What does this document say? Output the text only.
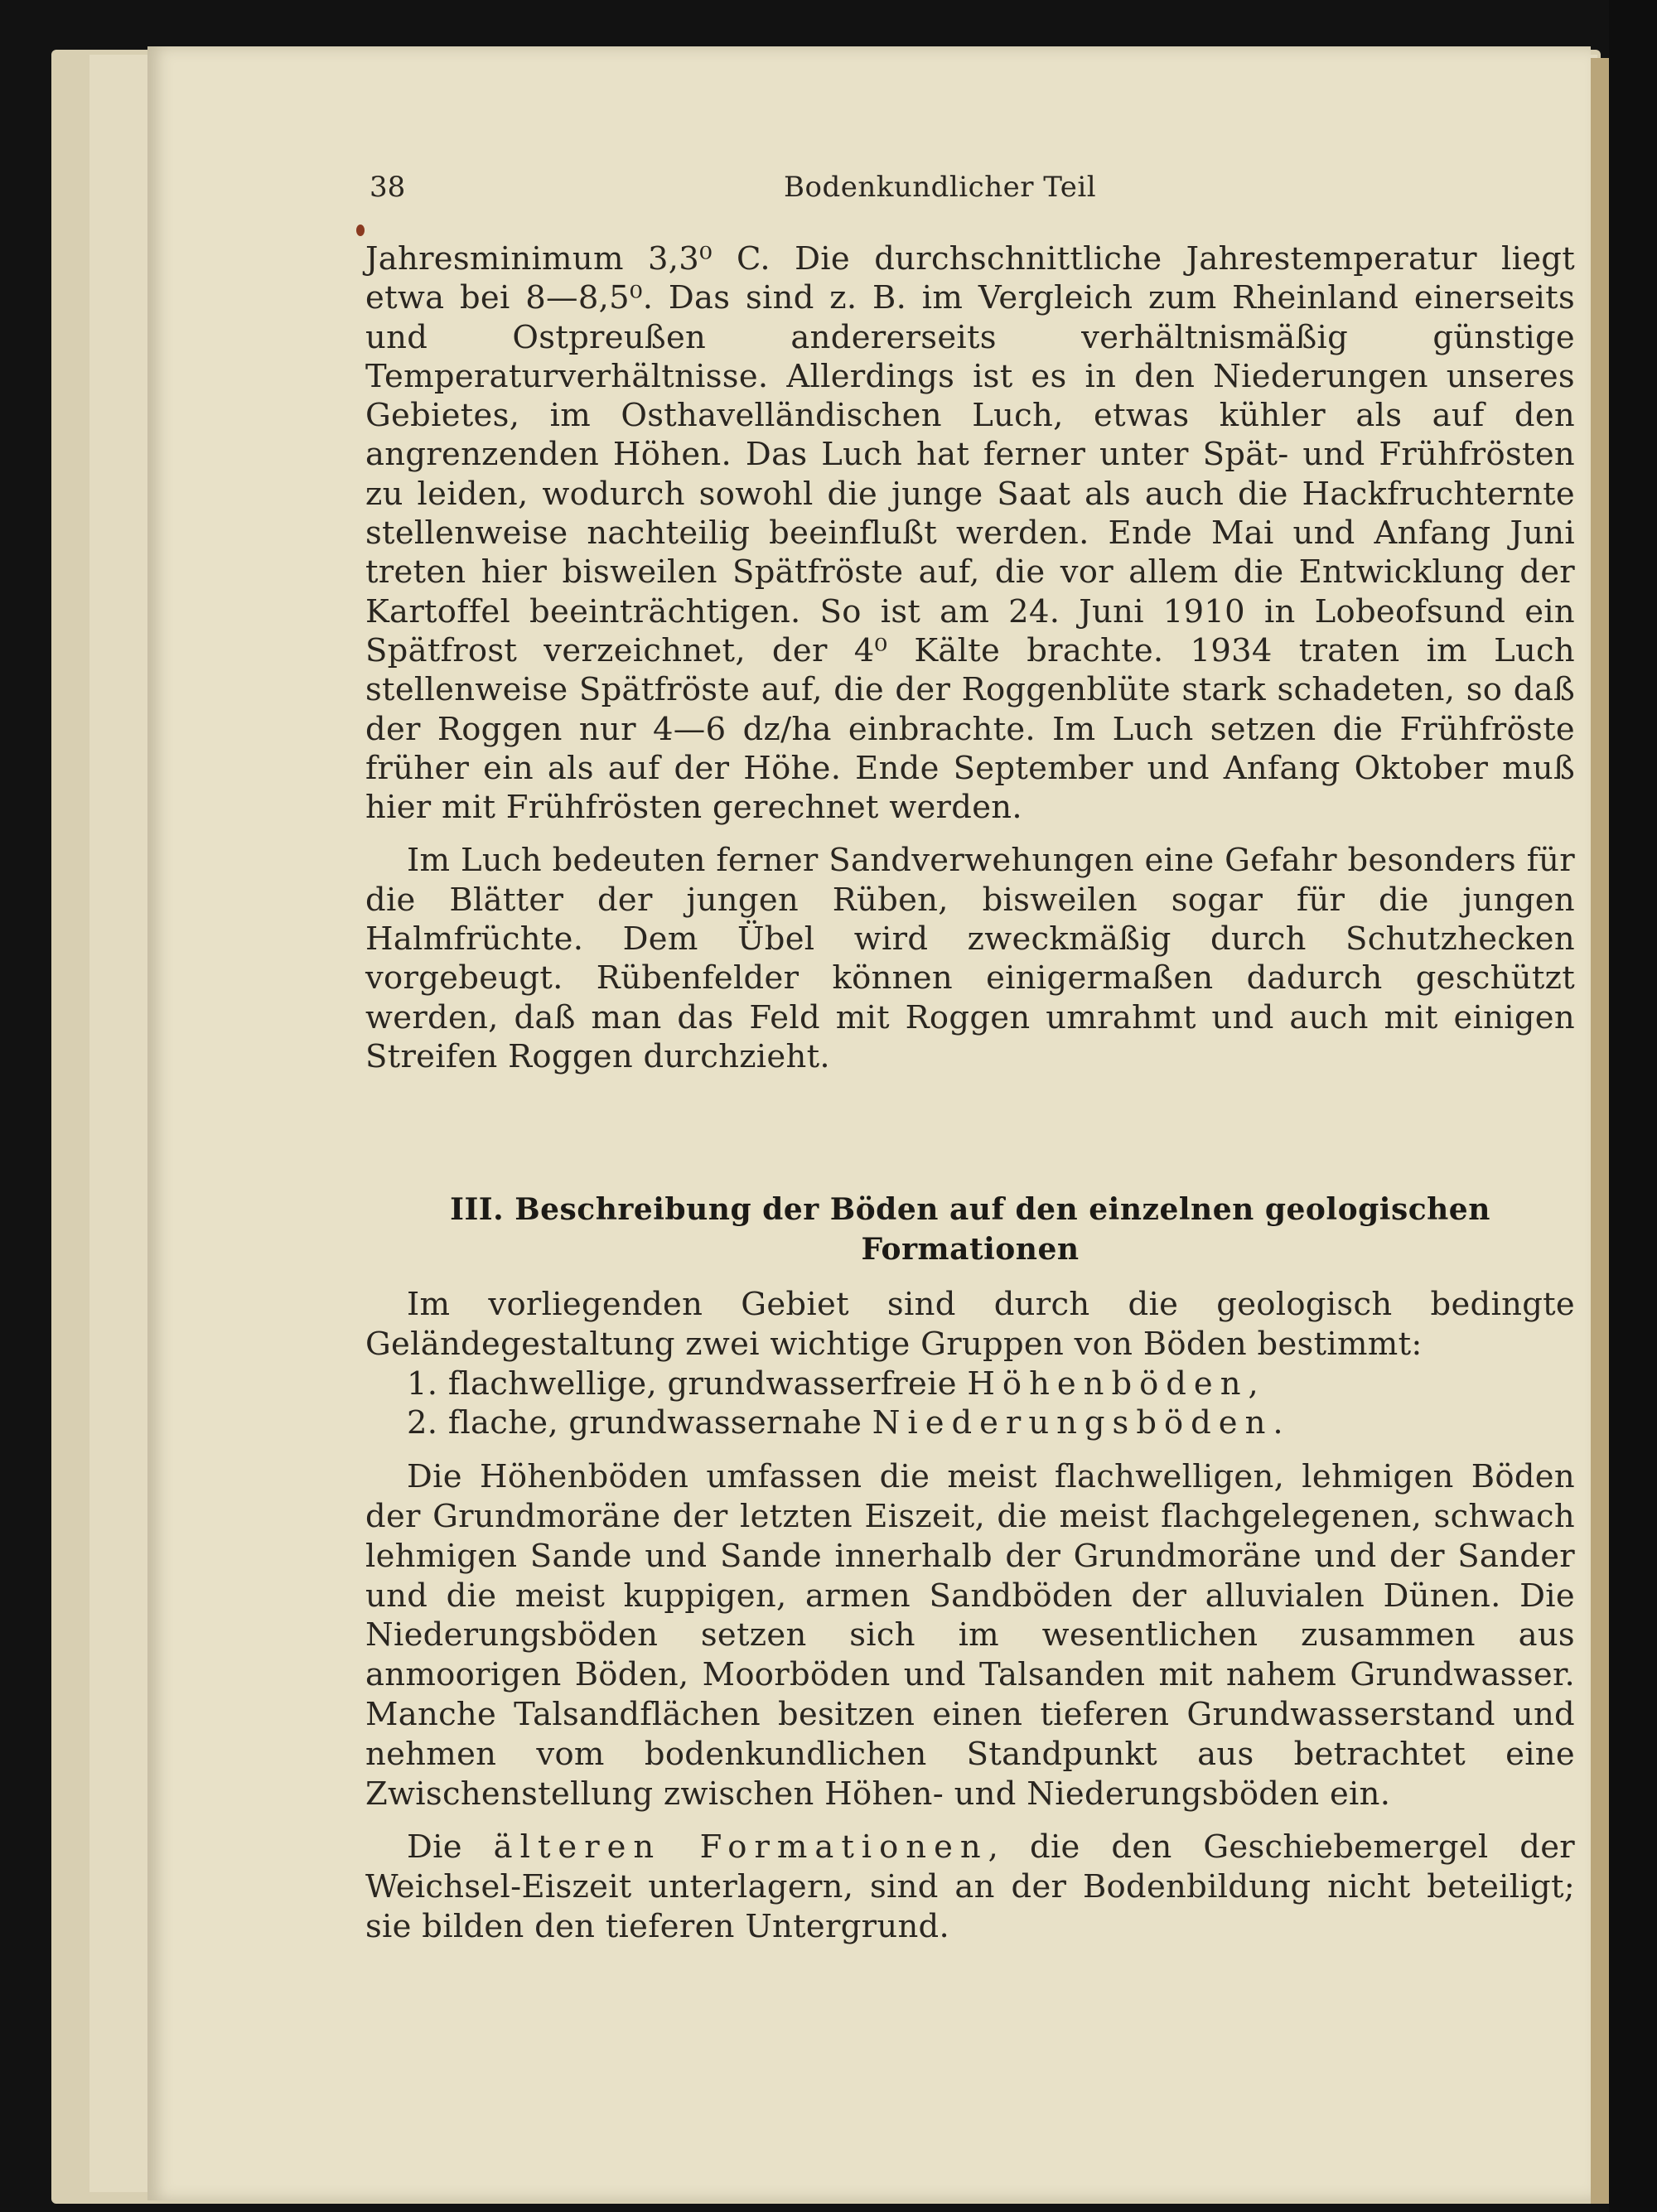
38	Bodenkundlicher Teil

Jahresminimum 3,3⁰ C. Die durchschnittliche Jahrestemperatur liegt etwa bei 8—8,5⁰. Das sind z. B. im Vergleich zum Rheinland einerseits und Ostpreußen andererseits verhältnismäßig günstige Temperaturverhältnisse. Allerdings ist es in den Niederungen unseres Gebietes, im Osthavelländischen Luch, etwas kühler als auf den angrenzenden Höhen. Das Luch hat ferner unter Spät- und Frühfrösten zu leiden, wodurch sowohl die junge Saat als auch die Hackfruchternte stellenweise nachteilig beeinflußt werden. Ende Mai und Anfang Juni treten hier bisweilen Spätfröste auf, die vor allem die Entwicklung der Kartoffel beeinträchtigen. So ist am 24. Juni 1910 in Lobeofsund ein Spätfrost verzeichnet, der 4⁰ Kälte brachte. 1934 traten im Luch stellenweise Spätfröste auf, die der Roggenblüte stark schadeten, so daß der Roggen nur 4—6 dz/ha einbrachte. Im Luch setzen die Frühfröste früher ein als auf der Höhe. Ende September und Anfang Oktober muß hier mit Frühfrösten gerechnet werden.

Im Luch bedeuten ferner Sandverwehungen eine Gefahr besonders für die Blätter der jungen Rüben, bisweilen sogar für die jungen Halmfrüchte. Dem Übel wird zweckmäßig durch Schutzhecken vorgebeugt. Rübenfelder können einigermaßen dadurch geschützt werden, daß man das Feld mit Roggen umrahmt und auch mit einigen Streifen Roggen durchzieht.

III. Beschreibung der Böden auf den einzelnen geologischen
Formationen

Im vorliegenden Gebiet sind durch die geologisch bedingte Geländegestaltung zwei wichtige Gruppen von Böden bestimmt:

1. flachwellige, grundwasserfreie Höhenböden,
2. flache, grundwassernahe Niederungsböden.

Die Höhenböden umfassen die meist flachwelligen, lehmigen Böden der Grundmoräne der letzten Eiszeit, die meist flachgelegenen, schwach lehmigen Sande und Sande innerhalb der Grundmoräne und der Sander und die meist kuppigen, armen Sandböden der alluvialen Dünen. Die Niederungsböden setzen sich im wesentlichen zusammen aus anmoorigen Böden, Moorböden und Talsanden mit nahem Grundwasser. Manche Talsandflächen besitzen einen tieferen Grundwasserstand und nehmen vom bodenkundlichen Standpunkt aus betrachtet eine Zwischenstellung zwischen Höhen- und Niederungsböden ein.

Die älteren Formationen, die den Geschiebemergel der Weichsel-Eiszeit unterlagern, sind an der Bodenbildung nicht beteiligt; sie bilden den tieferen Untergrund.
